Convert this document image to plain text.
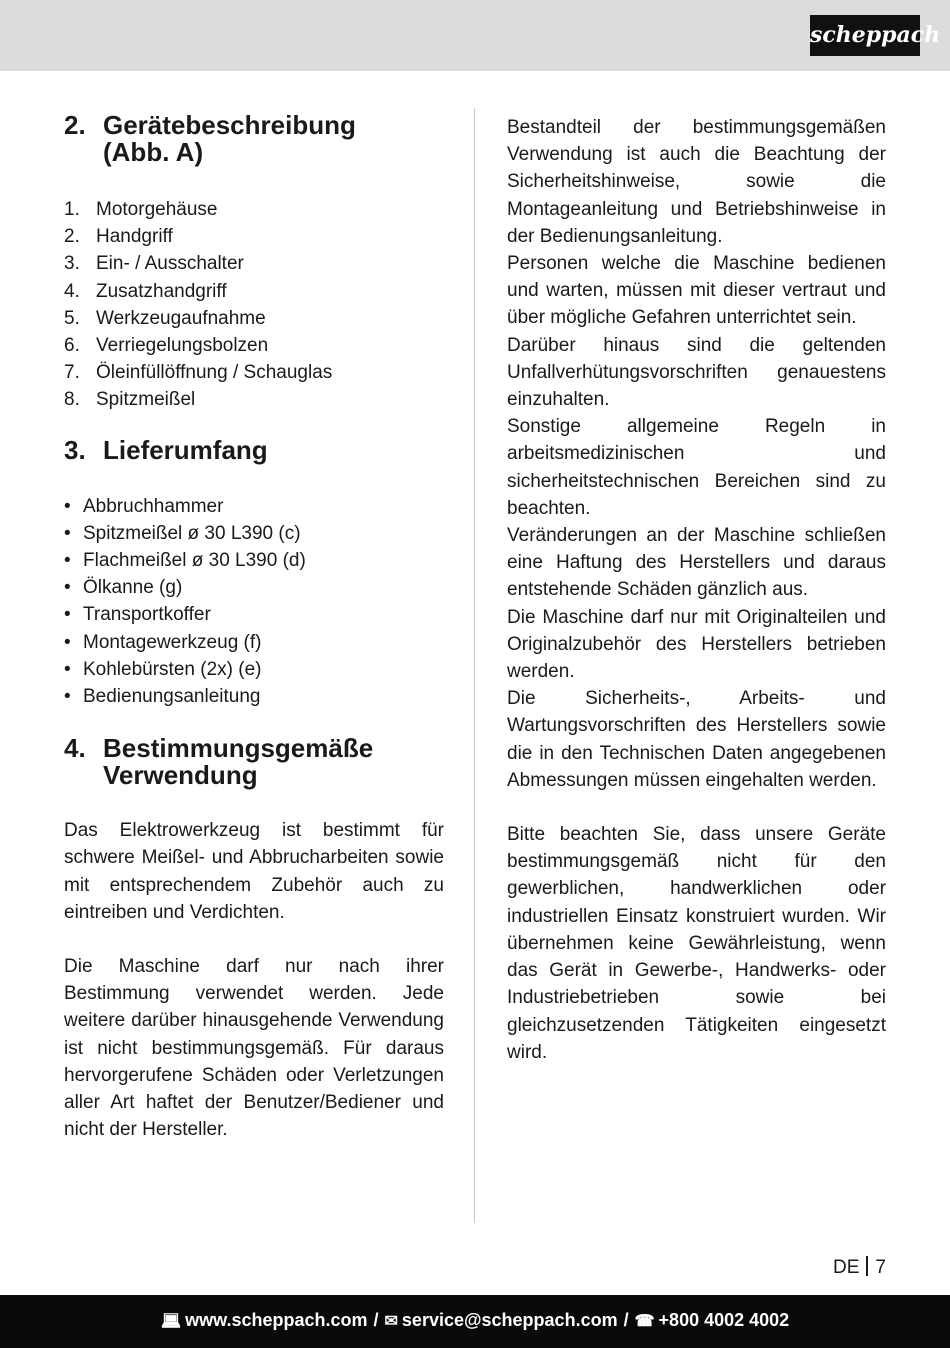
scheppach
2. Gerätebeschreibung
(Abb. A)
1. Motorgehäuse
2. Handgriff
3. Ein- / Ausschalter
4. Zusatzhandgriff
5. Werkzeugaufnahme
6. Verriegelungsbolzen
7. Öleinfüllöffnung / Schauglas
8. Spitzmeißel
3. Lieferumfang
• Abbruchhammer
• Spitzmeißel ø 30 L390 (c)
• Flachmeißel ø 30 L390 (d)
• Ölkanne (g)
• Transportkoffer
• Montagewerkzeug (f)
• Kohlebürsten (2x) (e)
• Bedienungsanleitung
4. Bestimmungsgemäße
Verwendung

Das Elektrowerkzeug ist bestimmt für schwere Meißel- und Abbrucharbeiten sowie mit entsprechendem Zubehör auch zu eintreiben und Verdichten.

Die Maschine darf nur nach ihrer Bestimmung verwendet werden. Jede weitere darüber hinausgehende Verwendung ist nicht bestimmungsgemäß. Für daraus hervorgerufene Schäden oder Verletzungen aller Art haftet der Benutzer/Bediener und nicht der Hersteller.

Bestandteil der bestimmungsgemäßen Verwendung ist auch die Beachtung der Sicherheitshinweise, sowie die Montageanleitung und Betriebshinweise in der Bedienungsanleitung.

Personen welche die Maschine bedienen und warten, müssen mit dieser vertraut und über mögliche Gefahren unterrichtet sein.

Darüber hinaus sind die geltenden Unfallverhütungsvorschriften genauestens einzuhalten.

Sonstige allgemeine Regeln in arbeitsmedizinischen und sicherheitstechnischen Bereichen sind zu beachten.

Veränderungen an der Maschine schließen eine Haftung des Herstellers und daraus entstehende Schäden gänzlich aus.

Die Maschine darf nur mit Originalteilen und Originalzubehör des Herstellers betrieben werden.

Die Sicherheits-, Arbeits- und Wartungsvorschriften des Herstellers sowie die in den Technischen Daten angegebenen Abmessungen müssen eingehalten werden.

Bitte beachten Sie, dass unsere Geräte bestimmungsgemäß nicht für den gewerblichen, handwerklichen oder industriellen Einsatz konstruiert wurden. Wir übernehmen keine Gewährleistung, wenn das Gerät in Gewerbe-, Handwerks- oder Industriebetrieben sowie bei gleichzusetzenden Tätigkeiten eingesetzt wird.

DE 7
💻︎ www.scheppach.com / ✉ service@scheppach.com / ☎ +800 4002 4002
